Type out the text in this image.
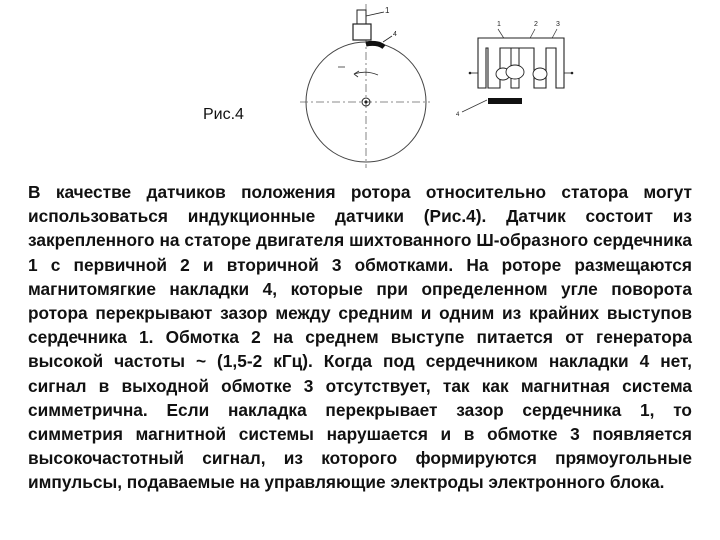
1
4
1	2	3
4
Рис.4

В качестве датчиков положения ротора относительно статора могут использоваться индукционные датчики (Рис.4). Датчик состоит из закрепленного на статоре двигателя шихтованного Ш-образного сердечника 1 с первичной 2 и вторичной 3 обмотками. На роторе размещаются магнитомягкие накладки 4, которые при определенном угле поворота ротора перекрывают зазор между средним и одним из крайних выступов сердечника 1. Обмотка 2 на среднем выступе питается от генератора высокой частоты ~ (1,5-2 кГц). Когда под сердечником накладки 4 нет, сигнал в выходной обмотке 3 отсутствует, так как магнитная система симметрична. Если накладка перекрывает зазор сердечника 1, то симметрия магнитной системы нарушается и в обмотке 3 появляется высокочастотный сигнал, из которого формируются прямоугольные импульсы, подаваемые на управляющие электроды электронного блока.
